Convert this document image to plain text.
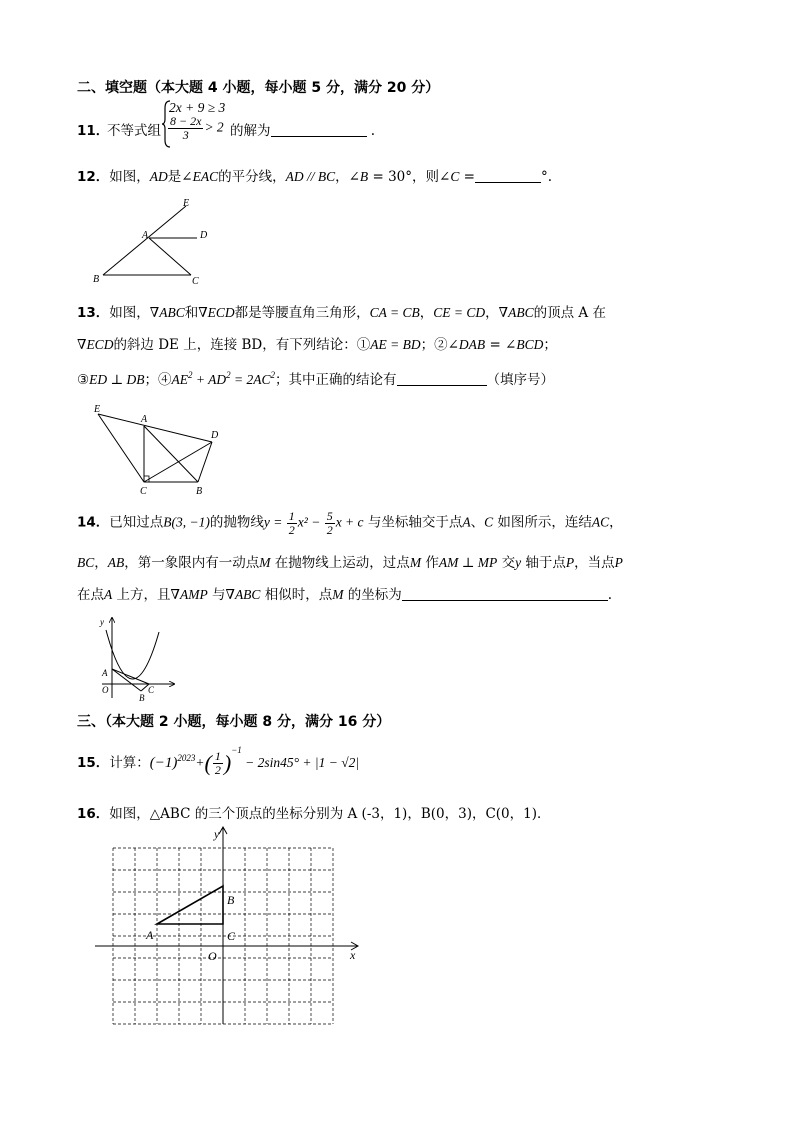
二、填空题（本大题 4 小题，每小题 5 分，满分 20 分）
11．
不等式组
2x + 9 ≥ 3
$\frac{8 - 2x}{3} > 2$ 的解为	.
12．如图，AD是∠EAC的平分线，AD // BC，∠B = 30°，则∠C =	°.
E
A	D
B	C
13．如图，∇ABC和∇ECD都是等腰直角三角形，CA = CB，CE = CD，∇ABC的顶点 A 在
∇ECD的斜边 DE 上，连接 BD，有下列结论：①AE = BD；②∠DAB = ∠BCD；
③ED ⊥ DB；$④AE^2 + AD^2 = 2AC^2$；其中正确的结论有	（填序号）
E
A
D
C	B
14．已知过点B(3, −1)的抛物线$y = \frac{1}{2} x^2 - \frac{5}{2}$ x + c 与坐标轴交于点A、C 如图所示，连结AC，
BC，AB，第一象限内有一动点M 在抛物线上运动，过点M 作AM ⊥ MP 交y 轴于点P，当点P
在点A 上方，且∇AMP 与∇ABC 相似时，点M 的坐标为	.
y
A
O
B
C
三、（本大题 2 小题，每小题 8 分，满分 16 分）
15．计算：$(-1)^{2023}+( \frac{1}{2} )^{-1} - 2\sin 45^\circ + |1 - √2|$
16．如图，△ABC 的三个顶点的坐标分别为 A (-3，1)，B(0，3)，C(0，1)．
y
x
O
A
B
C
